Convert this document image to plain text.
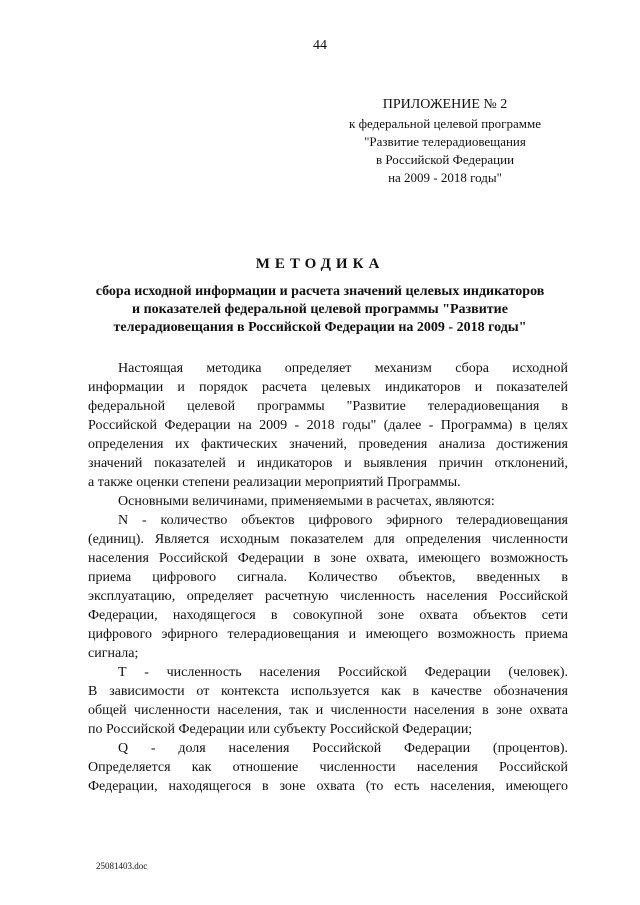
44
ПРИЛОЖЕНИЕ № 2
к федеральной целевой программе
"Развитие телерадиовещания
в Российской Федерации
на 2009 - 2018 годы"
МЕТОДИКА
сбора исходной информации и расчета значений целевых индикаторов
и показателей федеральной целевой программы "Развитие
телерадиовещания в Российской Федерации на 2009 - 2018 годы"
Настоящая методика определяет механизм сбора исходной
информации и порядок расчета целевых индикаторов и показателей
федеральной целевой программы "Развитие телерадиовещания в
Российской Федерации на 2009 - 2018 годы" (далее - Программа) в целях
определения их фактических значений, проведения анализа достижения
значений показателей и индикаторов и выявления причин отклонений,
а также оценки степени реализации мероприятий Программы.
Основными величинами, применяемыми в расчетах, являются:
N - количество объектов цифрового эфирного телерадиовещания
(единиц). Является исходным показателем для определения численности
населения Российской Федерации в зоне охвата, имеющего возможность
приема цифрового сигнала. Количество объектов, введенных в
эксплуатацию, определяет расчетную численность населения Российской
Федерации, находящегося в совокупной зоне охвата объектов сети
цифрового эфирного телерадиовещания и имеющего возможность приема
сигнала;
Т - численность населения Российской Федерации (человек).
В зависимости от контекста используется как в качестве обозначения
общей численности населения, так и численности населения в зоне охвата
по Российской Федерации или субъекту Российской Федерации;
Q - доля населения Российской Федерации (процентов).
Определяется как отношение численности населения Российской
Федерации, находящегося в зоне охвата (то есть населения, имеющего
25081403.doc
